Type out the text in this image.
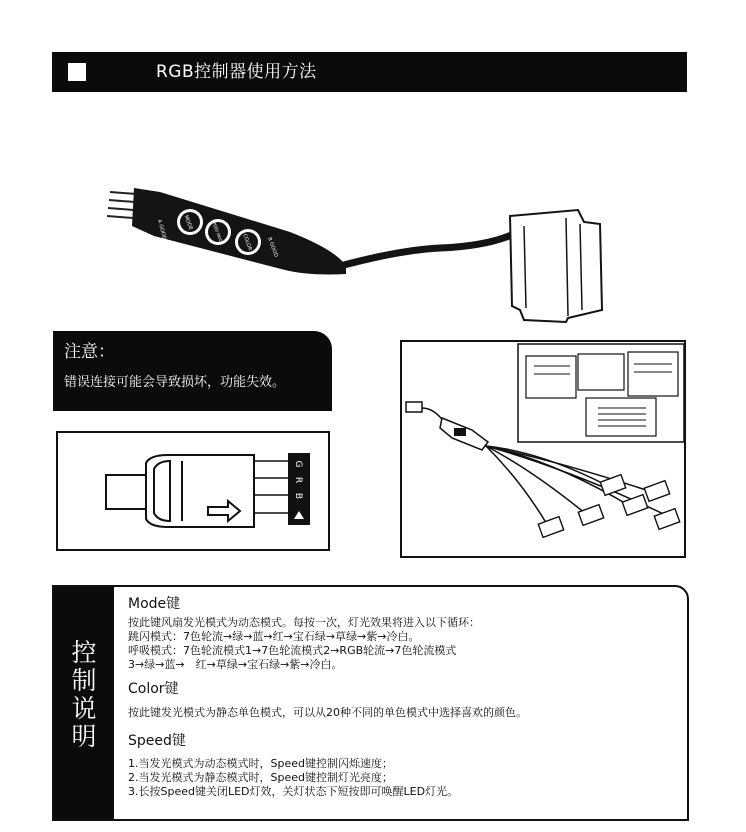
RGB控制器使用方法
MODE	SPEED MODE	COLOR
A GOOD
B GOOD
注意：
错误连接可能会导致损坏，功能失效。
G
R
B
控
制
说
明
Mode键

按此键风扇发光模式为动态模式。每按一次，灯光效果将进入以下循环：

跳闪模式：7色轮流→绿→蓝→红→宝石绿→草绿→紫→冷白。

呼吸模式：7色轮流模式1→7色轮流模式2→RGB轮流→7色轮流模式

3→绿→蓝→　红→草绿→宝石绿→紫→冷白。

Color键

按此键发光模式为静态单色模式，可以从20种不同的单色模式中选择喜欢的颜色。

Speed键

1.当发光模式为动态模式时，Speed键控制闪烁速度；

2.当发光模式为静态模式时，Speed键控制灯光亮度；

3.长按Speed键关闭LED灯效，关灯状态下短按即可唤醒LED灯光。
